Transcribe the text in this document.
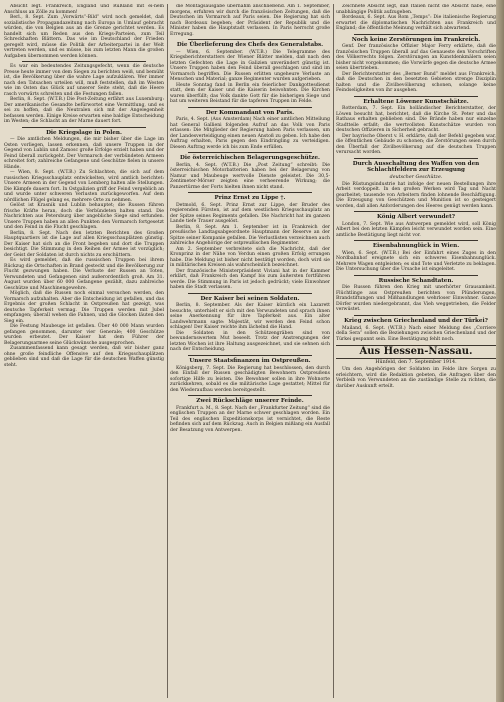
Absicht legt. Frankreich, England und Rußland mit ei-nem Anschluss an Zölle zu kommen!

Berl., 8. Sept. Zum „Vorwärts“-Bild“ wird noch gemeldet, daß sozialistische Propagandazeitung nach Europa in Umlauf gebracht würden, die von Belgien aus an die Grenze gerichtet werden. Es handelt sich um Reden aus den Kriegs-Parteien, zum Teil Schreckhaften Blättern. Das wie im Deutschland der Frieden geregelt wird, müsse die Politik der Arbeiterpartei in der Welt vertreten werden, und es müsse, bis zum letzten Mann die großen Aufgaben übernommen werden können.

Es war ein bedeutendes Zeitungsgefecht, wenn die deutsche Presse heute immer von dem Siegen zu berichten weiß, und bemüht ist, die Bevölkerung über die wahre Lage aufzuklären. Wer immer nach den Tatsachen urteilen will, muß feststellen, daß im Westen wie im Osten das Glück auf unserer Seite steht, daß die Heere rasch vorwärts schreiten und die Festungen fallen.

Berlin, 8. Sept. (W.T.B.) Die Post-Zeitung erfährt aus Luxemburg: Der amerikanische Gesandte befürwortet eine Vermittlung, und es sei zu hoffen, daß die Neutralen sich mit der Angelegenheit befassen werden. Einige Kreise erwarten eine baldige Entscheidung im Westen; die Schlacht an der Marne dauert fort.

Die Kriegslage in Polen.

— Die amtlichen Meldungen, die mir bisher über die Lage im Osten vorliegen, lassen erkennen, daß unsere Truppen in der Gegend von Lublin und Zamosc große Erfolge erzielt haben und der Feind überall zurückgeht. Der Vormarsch der verbündeten Armeen schreitet fort; zahlreiche Gefangene und Geschütze fielen in unsere Hände.

— Wien, 8. Sept. (W.T.B.) Zu Schlachten, die sich auf dem russischen Kriegsschauplatz entwickelten, wird amtlich berichtet: Unsere Armeen in der Gegend von Lemberg halten alle Stellungen. Die Kämpfe dauern fort. In Ostgalizien griff der Feind vergeblich an und wurde unter schweren Verlusten zurückgeworfen. Auf dem nördlichen Flügel gelang es, mehrere Orte zu nehmen.

Gelöst ist Krasnik und Lublin behauptet; die Russen führen frische Kräfte heran, doch die Verbündeten halten stand. Die Nachrichten aus Petersburg über angebliche Siege sind erfunden. Unsere Truppen haben an allen Punkten den Vormarsch fortgesetzt und den Feind in die Flucht geschlagen.

Berlin, 8. Sept. Nach den letzten Berichten des Großen Hauptquartiers ist die Lage auf allen Kriegsschauplätzen günstig. Der Kaiser hat sich an die Front begeben und dort die Truppen besichtigt. Die Stimmung in den Reihen der Armee ist vorzüglich; der Geist der Soldaten ist durch nichts zu erschüttern.

Es wird gemeldet, daß die russischen Truppen bei ihrem Rückzug die Ortschaften in Brand gesteckt und die Bevölkerung zur Flucht gezwungen haben. Die Verluste der Russen an Toten, Verwundeten und Gefangenen sind außerordentlich groß. Am 31. August wurden über 60 000 Gefangene gezählt, dazu zahlreiche Geschütze und Maschinengewehre.

Möglich, daß die Russen noch einmal versuchen werden, den Vormarsch aufzuhalten. Aber die Entscheidung ist gefallen, und das Ergebnis der großen Schlacht in Ostpreußen hat gezeigt, was deutsche Tapferkeit vermag. Die Truppen werden mit Jubel empfangen; überall wehen die Fahnen, und die Glocken läuten den Sieg ein.

Die Festung Maubeuge ist gefallen. Über 40 000 Mann wurden gefangen genommen, darunter vier Generale; 400 Geschütze wurden erbeutet. Der Kaiser hat dem Führer der Belagerungsarmee seine Glückwünsche ausgesprochen.

Zusammenfassend kann gesagt werden, daß wir bisher ganz ohne große feindliche Offensive auf den Kriegsschauplätzen geblieben sind und daß die Lage für die deutschen Waffen günstig steht.

die Montagsausgabe übernahm anschließend. Am 1. September, morgens, erfuhren wir durch die französischen Zeitungen, daß die Deutschen im Vormarsch auf Paris seien. Die Regierung hat sich nach Bordeaux begeben; der Präsident der Republik und die Minister haben die Hauptstadt verlassen. In Paris herrscht große Erregung.

Die Überlieferung des Chefs des Generalstabs.

— Wien, 6. September. (W.T.B.) Die Telegramme des Kriegsberichterstatters der Wiener Blätter melden, daß nach den letzten Gefechten die Lage in Galizien unverändert günstig ist. Unsere Truppen haben den Feind überall geschlagen und sind im Vormarsch begriffen. Die Russen erlitten ungeheure Verluste an Menschen und Material; ganze Regimenter wurden aufgerieben.

Heute Sonntag fand in Berlin ein feierlicher Dankgottesdienst statt, dem der Kaiser und die Kaiserin beiwohnten. Die Kirchen waren überfüllt; das Volk dankte Gott für die bisherigen Siege und bat um weiteren Beistand für die tapferen Truppen im Felde.

Der Kommandant von Paris.

Paris, 4. Sept. (Aus Amsterdam) Nach einer amtlichen Mitteilung hat General Gallieni folgenden Aufruf an das Volk von Paris erlassen: Die Mitglieder der Regierung haben Paris verlassen, um der Landesverteidigung einen neuen Anstoß zu geben. Ich habe den Auftrag erhalten, Paris gegen den Eindringling zu verteidigen. Diesen Auftrag werde ich bis zum Ende erfüllen.

Die österreichischen Belagerungsgeschütze.

Berlin, 4. Sept. (W.T.B.) Die „Post Zeitung“ schreibt: Die österreichischen Motorbatterien haben bei der Belagerung von Namur und Maubeuge wertvolle Dienste geleistet. Die 30,5-Zentimeter-Mörser zeigten eine verheerende Wirkung; die Panzertürme der Forts hielten ihnen nicht stand.

Prinz Ernst zu Lippe †.

Detmold, 6. Sept. Prinz Ernst zur Lippe, der Bruder des regierenden Fürsten, ist auf dem westlichen Kriegsschauplatz an der Spitze seines Regiments gefallen. Die Nachricht hat im ganzen Lande tiefe Trauer ausgelöst.

Berlin, 8. Sept. Am 1. September ist in Frankreich der preußische Landtagsabgeordnete Hauptmann der Reserve an der Spitze seiner Kompanie gefallen. Die Verlustlisten verzeichnen auch zahlreiche Angehörige der ostpreußischen Regimenter.

Am 2. September verbreitete sich die Nachricht, daß der Kronprinz in der Nähe von Verdun einen großen Erfolg errungen habe. Die Meldung ist bisher nicht bestätigt worden, doch wird sie in militärischen Kreisen als wahrscheinlich bezeichnet.

Der französische Ministerpräsident Viviani hat in der Kammer erklärt, daß Frankreich den Kampf bis zum äußersten fortführen werde. Die Stimmung in Paris ist jedoch gedrückt; viele Einwohner haben die Stadt verlassen.

Der Kaiser bei seinen Soldaten.

Berlin, 8. September. Als der Kaiser kürzlich ein Lazarett besuchte, unterhielt er sich mit den Verwundeten und sprach ihnen seine Anerkennung für ihre Tapferkeit aus. Ein alter Landwehrmann sagte: Majestät, wir werden den Feind schon schlagen! Der Kaiser reichte ihm lächelnd die Hand.

Die Soldaten in den Schützengräben sind von bewundernswertem Mut beseelt. Trotz der Anstrengungen der letzten Wochen ist ihre Haltung ausgezeichnet, und sie sehnen sich nach der Entscheidung.

Unsere Staatsfinanzen im Ostpreußen.

Königsberg, 7. Sept. Die Regierung hat beschlossen, den durch den Einfall der Russen geschädigten Bewohnern Ostpreußens sofortige Hilfe zu leisten. Die Bewohner sollen in ihre Wohnorte zurückkehren, sobald es die militärische Lage gestattet; Mittel für den Wiederaufbau werden bereitgestellt.

Zwei Rückschläge unserer Feinde.

Frankfurt a. M., 8. Sept. Nach der „Frankfurter Zeitung“ sind die englischen Truppen an der Marne schwer geschlagen worden. Ein Teil des englischen Expeditionskorps ist vernichtet, die Reste befinden sich auf dem Rückzug. Auch in Belgien mißlang ein Ausfall der Besatzung von Antwerpen.

Zeichnete Absicht legt, daß Italien nicht die Absicht habe, eine unabhängige Politik aufzugeben.

Bordeaux, 6. Sept. Aus Rom „Temps“: Die italienische Regierung erwartet die diplomatischen Nachrichten aus Frankreich und England; die öffentliche Meinung verhält sich abwartend.

Noch keine Zerstörungen im Frankreich.

Genf. Der französische Offizier Major Ferry erklärte, daß die französischen Truppen überall auf das Genaueste den Vorschriften des Völkerrechts folgen. Zerstörungen an Kunstdenkmälern seien bisher nicht vorgekommen; die Vorwürfe gegen die deutsche Armee seien übertrieben.

Der Berichterstatter des „Berner Bund“ meldet aus Frankreich, daß die Deutschen in den besetzten Gebieten strenge Disziplin halten und die Zivilbevölkerung schonen, solange keine Feindseligkeiten von ihr ausgehen.

Erhaltene Löwener Kunstschätze.

Rotterdam, 7. Sept. Ein holländischer Berichterstatter, der Löwen besucht hat, berichtet, daß die Kirche St. Peter und das Rathaus erhalten geblieben sind. Die Brände haben nur einzelne Stadtteile erfaßt; die wertvollsten Kunstschätze wurden von deutschen Offizieren in Sicherheit gebracht.

Der bayrische Oberst v. H. erklärte, daß der Befehl gegeben war, die öffentlichen Gebäude zu schonen; die Zerstörungen seien durch den Überfall der Zivilbevölkerung auf die deutschen Truppen verursacht worden.

Durch Ausschaltung des Waffen von den Schlachtfeldern zur Erzeugung
deutscher Geschütze.

Die Rüstungsindustrie hat infolge der neuen Bestellungen ihre Arbeit verdoppelt. In den großen Werken wird Tag und Nacht gearbeitet; tausende von Arbeitern finden lohnende Beschäftigung. Die Erzeugung von Geschützen und Munition ist so gesteigert worden, daß allen Anforderungen des Heeres genügt werden kann.

König Albert verwundet?

London, 7. Sept. Wie aus Antwerpen gemeldet wird, soll König Albert bei den letzten Kämpfen leicht verwundet worden sein. Eine amtliche Bestätigung liegt nicht vor.

Eisenbahnunglück in Wien.

Wien, 6. Sept. (W.T.B.) Bei der Einfahrt eines Zuges in den Nordbahnhof ereignete sich ein schweres Eisenbahnunglück. Mehrere Wagen entgleisten; es sind Tote und Verletzte zu beklagen. Die Untersuchung über die Ursache ist eingeleitet.

Russische Schandtaten.

Die Russen führen den Krieg mit unerhörter Grausamkeit. Flüchtlinge aus Ostpreußen berichten von Plünderungen, Brandstiftungen und Mißhandlungen wehrloser Einwohner. Ganze Dörfer wurden niedergebrannt, das Vieh weggetrieben, die Felder verwüstet.

Krieg zwischen Griechenland und der Türkei?

Mailand, 6. Sept. (W.T.B.) Nach einer Meldung des „Corriere della Sera“ sollen die Beziehungen zwischen Griechenland und der Türkei gespannt sein. Eine Bestätigung fehlt noch.

Aus Hessen-Nassau.
Hünfeld, den 7. September 1914.

Um den Angehörigen der Soldaten im Felde ihre Sorgen zu erleichtern, wird die Redaktion gebeten, die Anfragen über den Verbleib von Verwundeten an die zuständige Stelle zu richten, die darüber Auskunft erteilt.
